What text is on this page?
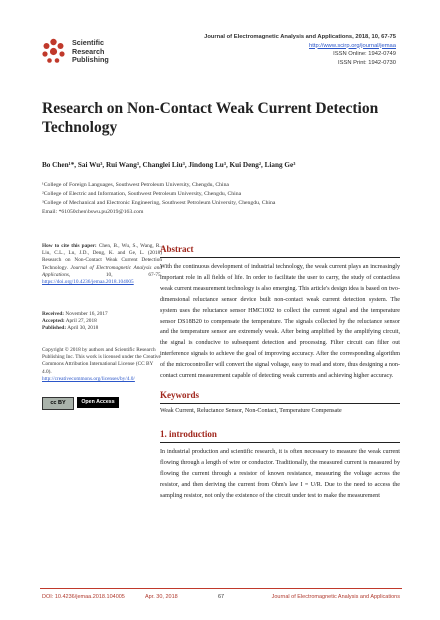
Scientific
Research
Publishing
Journal of Electromagnetic Analysis and Applications, 2018, 10, 67-75
http://www.scirp.org/journal/jemaa
ISSN Online: 1942-0749
ISSN Print: 1942-0730
Research on Non-Contact Weak Current Detection Technology
Bo Chen¹*, Sai Wu³, Rui Wang³, Changlei Liu³, Jindong Lu³, Kui Deng², Liang Ge³
¹College of Foreign Languages, Southwest Petroleum University, Chengdu, China
²College of Electric and Information, Southwest Petroleum University, Chengdu, China
³College of Mechanical and Electronic Engineering, Southwest Petroleum University, Chengdu, China
Email: *61050chen\bswu.pu2019@163.com
How to cite this paper: Chen, B., Wu, S., Wang, R., Liu, C.L., Lu, J.D., Deng, K. and Ge, L. (2018) Research on Non-Contact Weak Current Detection Technology. Journal of Electromagnetic Analysis and Applications, 10, 67-75. https://doi.org/10.4236/jemaa.2018.104005
Received: November 16, 2017
Accepted: April 27, 2018
Published: April 30, 2018
Copyright © 2018 by authors and Scientific Research Publishing Inc. This work is licensed under the Creative Commons Attribution International License (CC BY 4.0).
http://creativecommons.org/licenses/by/4.0/
cc BY	Open Access
Abstract
With the continuous development of industrial technology, the weak current plays an increasingly important role in all fields of life. In order to facilitate the user to carry, the study of contactless weak current measurement technology is also emerging. This article's design idea is based on two-dimensional reluctance sensor device built non-contact weak current detection system. The system uses the reluctance sensor HMC1002 to collect the current signal and the temperature sensor DS18B20 to compensate the temperature. The signals collected by the reluctance sensor and the temperature sensor are extremely weak. After being amplified by the amplifying circuit, the signal is conducive to subsequent detection and processing. Filter circuit can filter out interference signals to achieve the goal of improving accuracy. After the corresponding algorithm of the microcontroller will convert the signal voltage, easy to read and store, thus designing a non-contact current measurement capable of detecting weak currents and achieving higher accuracy.
Keywords
Weak Current, Reluctance Sensor, Non-Contact, Temperature Compensate
1. introduction
In industrial production and scientific research, it is often necessary to measure the weak current flowing through a length of wire or conductor. Traditionally, the measured current is measured by flowing the current through a resistor of known resistance, measuring the voltage across the resistor, and then deriving the current from Ohm's law I = U/R. Due to the need to access the sampling resistor, not only the existence of the circuit under test to make the measurement
DOI: 10.4236/jemaa.2018.104005	Apr. 30, 2018	67	Journal of Electromagnetic Analysis and Applications
